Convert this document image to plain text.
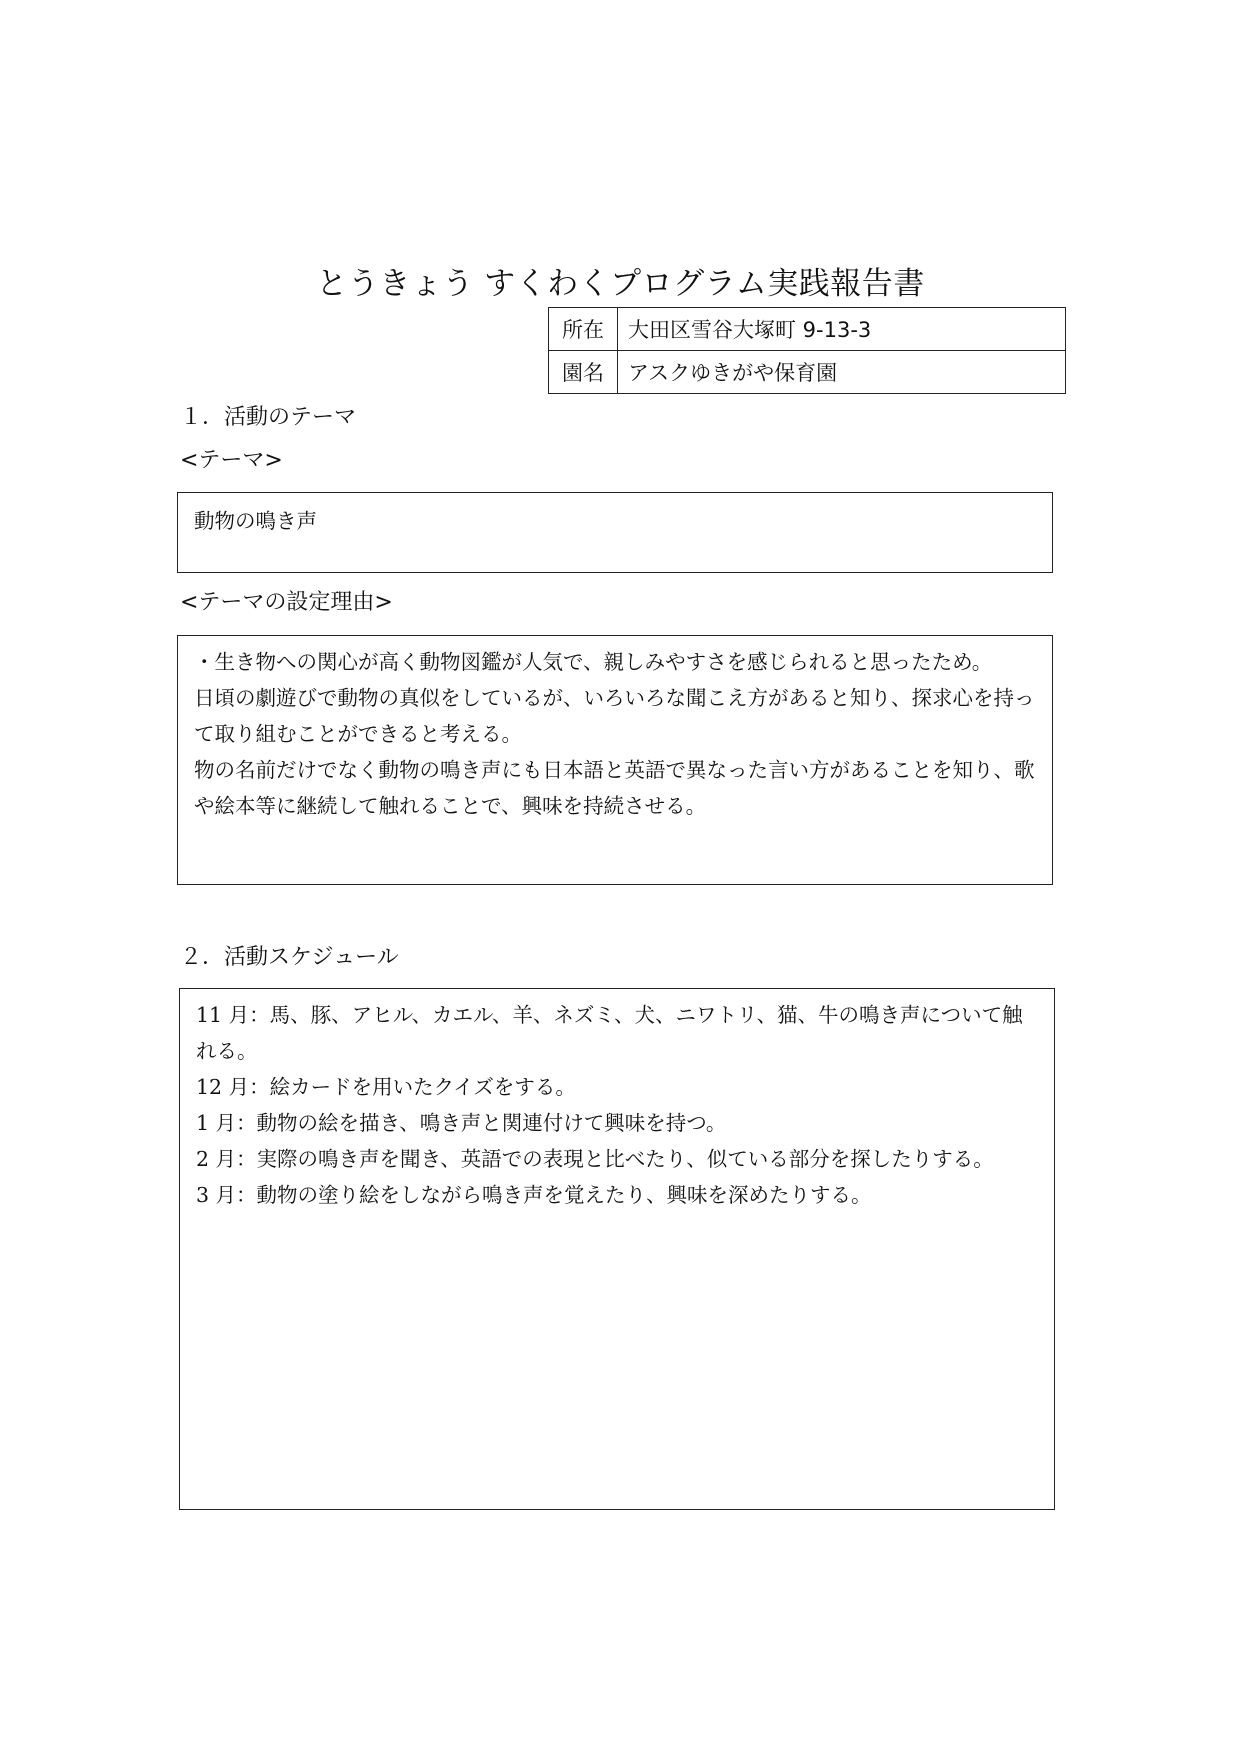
とうきょう すくわくプログラム実践報告書
所在	大田区雪谷大塚町 9-13-3
園名	アスクゆきがや保育園
１．活動のテーマ
<テーマ>

動物の鳴き声

<テーマの設定理由>

・生き物への関心が高く動物図鑑が人気で、親しみやすさを感じられると思ったため。

日頃の劇遊びで動物の真似をしているが、いろいろな聞こえ方があると知り、探求心を持って取り組むことができると考える。

物の名前だけでなく動物の鳴き声にも日本語と英語で異なった言い方があることを知り、歌や絵本等に継続して触れることで、興味を持続させる。

２．活動スケジュール

11 月：馬、豚、アヒル、カエル、羊、ネズミ、犬、ニワトリ、猫、牛の鳴き声について触れる。

12 月：絵カードを用いたクイズをする。

1 月：動物の絵を描き、鳴き声と関連付けて興味を持つ。

2 月：実際の鳴き声を聞き、英語での表現と比べたり、似ている部分を探したりする。

3 月：動物の塗り絵をしながら鳴き声を覚えたり、興味を深めたりする。
